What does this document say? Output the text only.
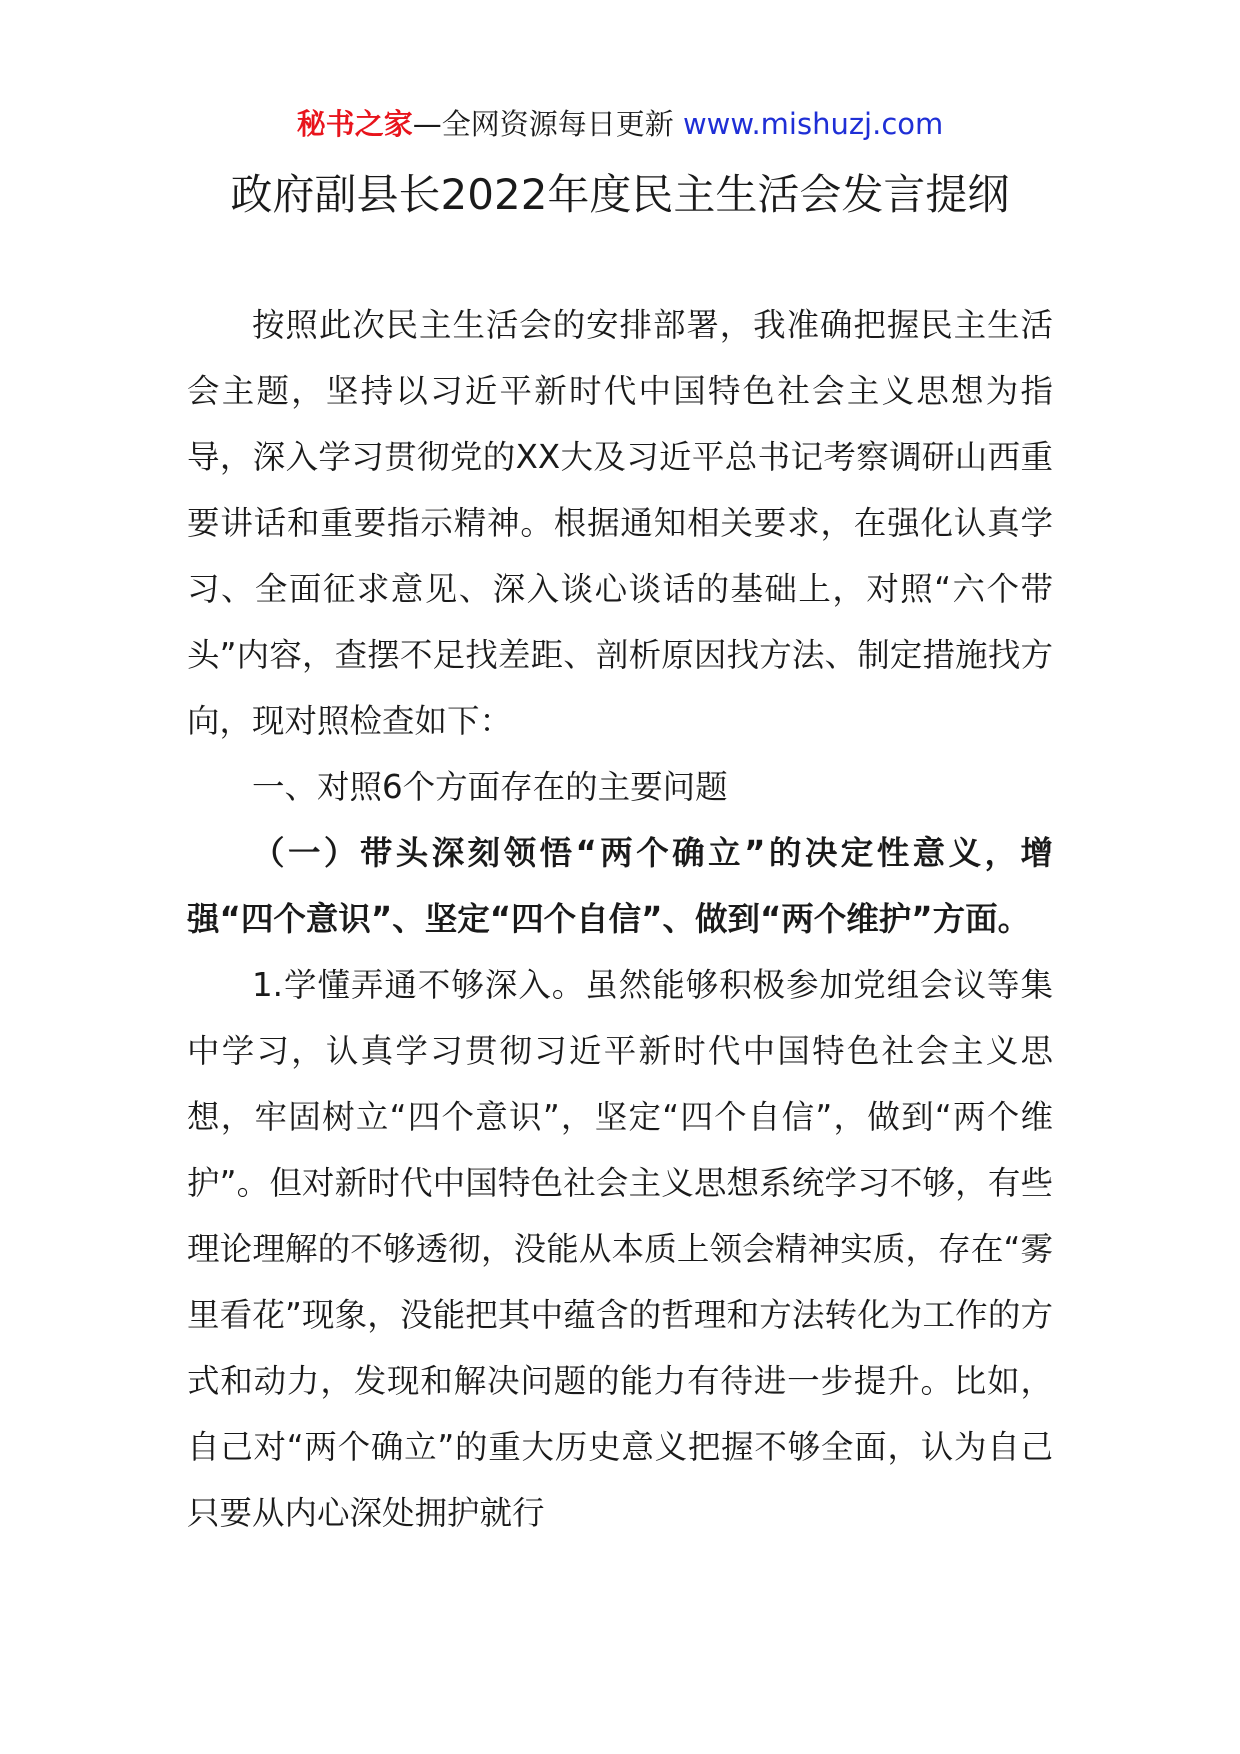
秘书之家—全网资源每日更新 www.mishuzj.com
政府副县长2022年度民主生活会发言提纲

按照此次民主生活会的安排部署，我准确把握民主生活会主题，坚持以习近平新时代中国特色社会主义思想为指导，深入学习贯彻党的XX大及习近平总书记考察调研山西重要讲话和重要指示精神。根据通知相关要求，在强化认真学习、全面征求意见、深入谈心谈话的基础上，对照“六个带头”内容，查摆不足找差距、剖析原因找方法、制定措施找方向，现对照检查如下：

一、对照6个方面存在的主要问题

（一）带头深刻领悟“两个确立”的决定性意义，增强“四个意识”、坚定“四个自信”、做到“两个维护”方面。

1.学懂弄通不够深入。虽然能够积极参加党组会议等集中学习，认真学习贯彻习近平新时代中国特色社会主义思想，牢固树立“四个意识”，坚定“四个自信”，做到“两个维护”。但对新时代中国特色社会主义思想系统学习不够，有些理论理解的不够透彻，没能从本质上领会精神实质，存在“雾里看花”现象，没能把其中蕴含的哲理和方法转化为工作的方式和动力，发现和解决问题的能力有待进一步提升。比如，自己对“两个确立”的重大历史意义把握不够全面，认为自己只要从内心深处拥护就行
